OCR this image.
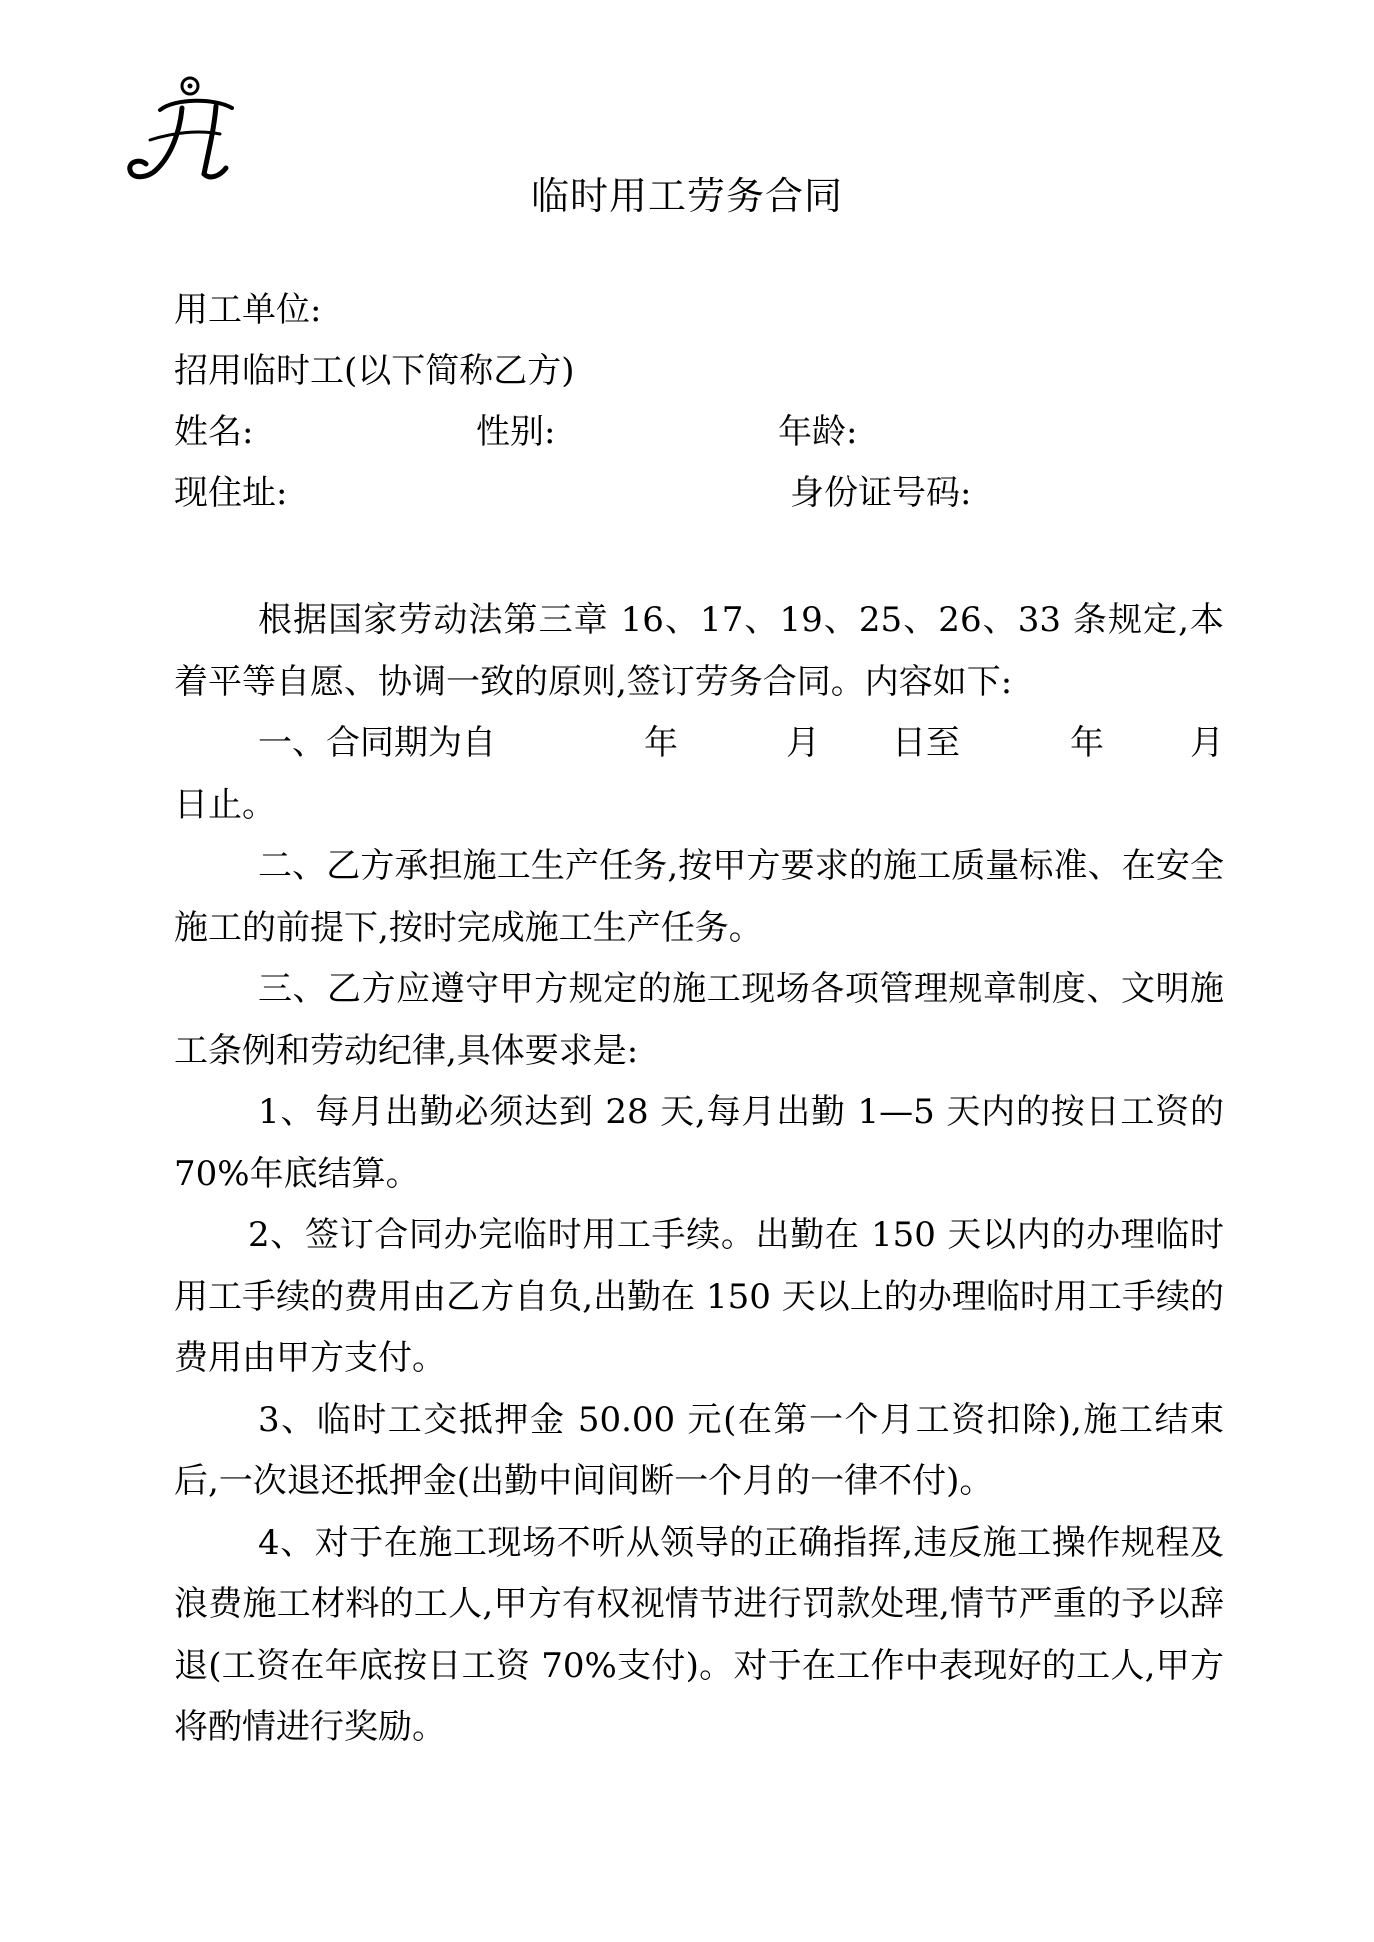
临时用工劳务合同
用工单位:
招用临时工(以下简称乙方)
姓名:	性别:	年龄:
现住址:	身份证号码:

根据国家劳动法第三章 16、17、19、25、26、33 条规定,本着平等自愿、协调一致的原则,签订劳务合同。内容如下:

一、合同期为自	年	月 日至	年	月

日止。

二、乙方承担施工生产任务,按甲方要求的施工质量标准、在安全施工的前提下,按时完成施工生产任务。

三、乙方应遵守甲方规定的施工现场各项管理规章制度、文明施工条例和劳动纪律,具体要求是:

1、每月出勤必须达到 28 天,每月出勤 1—5 天内的按日工资的 70%年底结算。

2、签订合同办完临时用工手续。出勤在 150 天以内的办理临时用工手续的费用由乙方自负,出勤在 150 天以上的办理临时用工手续的费用由甲方支付。

3、临时工交抵押金 50.00 元(在第一个月工资扣除),施工结束后,一次退还抵押金(出勤中间间断一个月的一律不付)。

4、对于在施工现场不听从领导的正确指挥,违反施工操作规程及浪费施工材料的工人,甲方有权视情节进行罚款处理,情节严重的予以辞退(工资在年底按日工资 70%支付)。对于在工作中表现好的工人,甲方将酌情进行奖励。
